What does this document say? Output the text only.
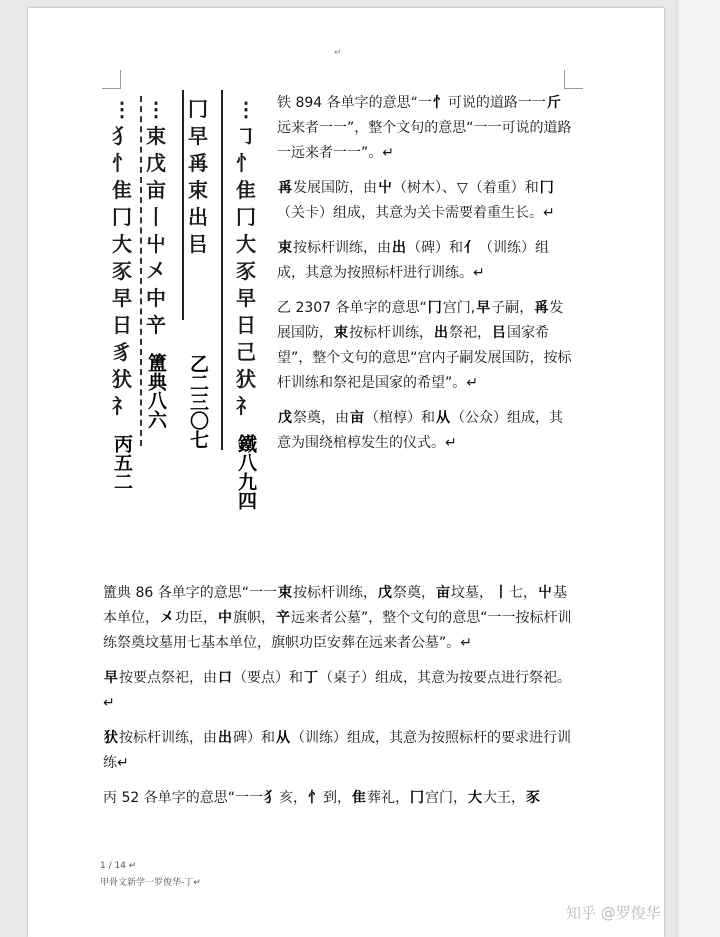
↵
⋮
㇆
忄
隹
冂
大
豕
早
日
己
犾
礻
鐵八九四
冂
早
爯
束
出
㠯
乙二三〇七
⋮
束
戊
亩
丨
屮
㐅
中
䇂
簠典八六
⋮
犭
忄
隹
冂
大
豕
早
日
豸
犾
礻
丙五二

铁 894 各单字的意思“一忄可说的道路一一斤远来者一一”，整个文句的意思“一一可说的道路一远来者一一”。↵

爯发展国防，由屮（树木）、▽（着重）和冂（关卡）组成，其意为关卡需要着重生长。↵

束按标杆训练，由出（碑）和亻（训练）组成，其意为按照标杆进行训练。↵

乙 2307 各单字的意思“冂宫门,早子嗣，爯发展国防，束按标杆训练，出祭祀，㠯国家希望”，整个文句的意思“宫内子嗣发展国防，按标杆训练和祭祀是国家的希望”。↵

戊祭奠，由亩（棺椁）和从（公众）组成，其意为围绕棺椁发生的仪式。↵

簠典 86 各单字的意思“一一束按标杆训练，戊祭奠，亩坟墓，丨七，屮基本单位，㐅功臣，中旗帜，䇂远来者公墓”，整个文句的意思“一一按标杆训练祭奠坟墓用七基本单位，旗帜功臣安葬在远来者公墓”。↵

早按要点祭祀，由口（要点）和丁（桌子）组成，其意为按要点进行祭祀。↵

犾按标杆训练，由出碑）和从（训练）组成，其意为按照标杆的要求进行训练↵

丙 52 各单字的意思“一一犭亥，忄到，隹葬礼，冂宫门，大大王，豕

1 / 14 ↵
甲骨文新学一罗俊华-丁↵
知乎 @罗俊华
